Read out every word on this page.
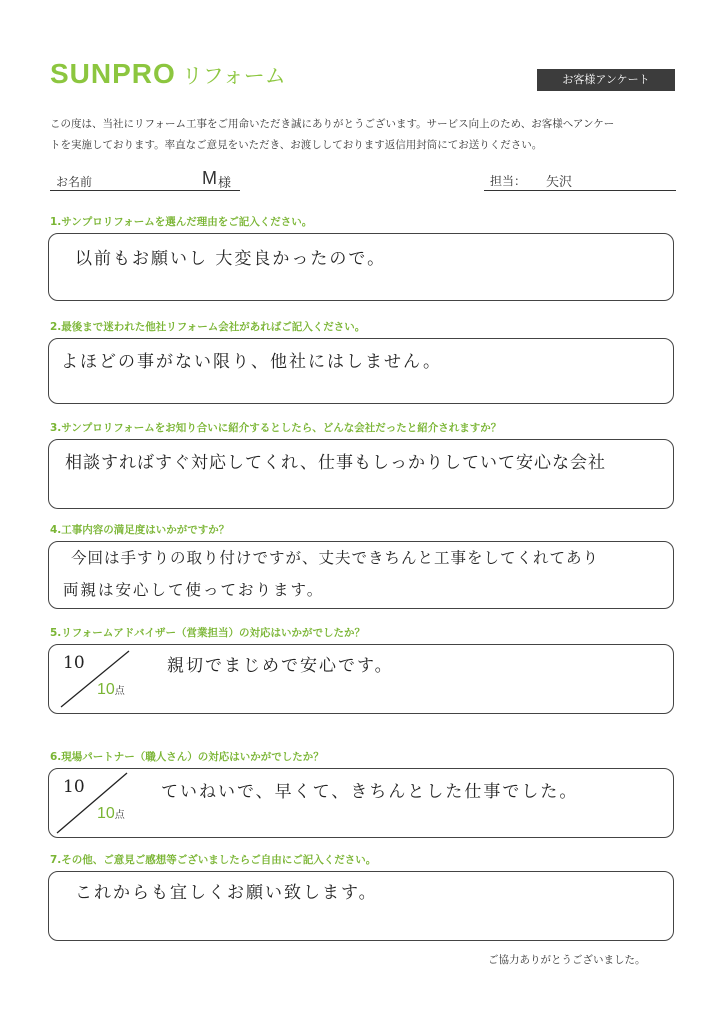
SUNPRO リフォーム	お客様アンケート
この度は、当社にリフォーム工事をご用命いただき誠にありがとうございます。サービス向上のため、お客様へアンケー
トを実施しております。率直なご意見をいただき、お渡ししております返信用封筒にてお送りください。
お名前	M 様	担当： 矢沢
1.サンプロリフォームを選んだ理由をご記入ください。
以前もお願いし 大変良かったので。
2.最後まで迷われた他社リフォーム会社があればご記入ください。
よほどの事がない限り、他社にはしません。
3.サンプロリフォームをお知り合いに紹介するとしたら、どんな会社だったと紹介されますか？
相談すればすぐ対応してくれ、仕事もしっかりしていて安心な会社
4.工事内容の満足度はいかがですか？
今回は手すりの取り付けですが、丈夫できちんと工事をしてくれてあり
両親は安心して使っております。
5.リフォームアドバイザー（営業担当）の対応はいかがでしたか？
10
10点
親切でまじめで安心です。
6.現場パートナー（職人さん）の対応はいかがでしたか？
10
10点
ていねいで、早くて、きちんとした仕事でした。
7.その他、ご意見ご感想等ございましたらご自由にご記入ください。
これからも宜しくお願い致します。
ご協力ありがとうございました。
